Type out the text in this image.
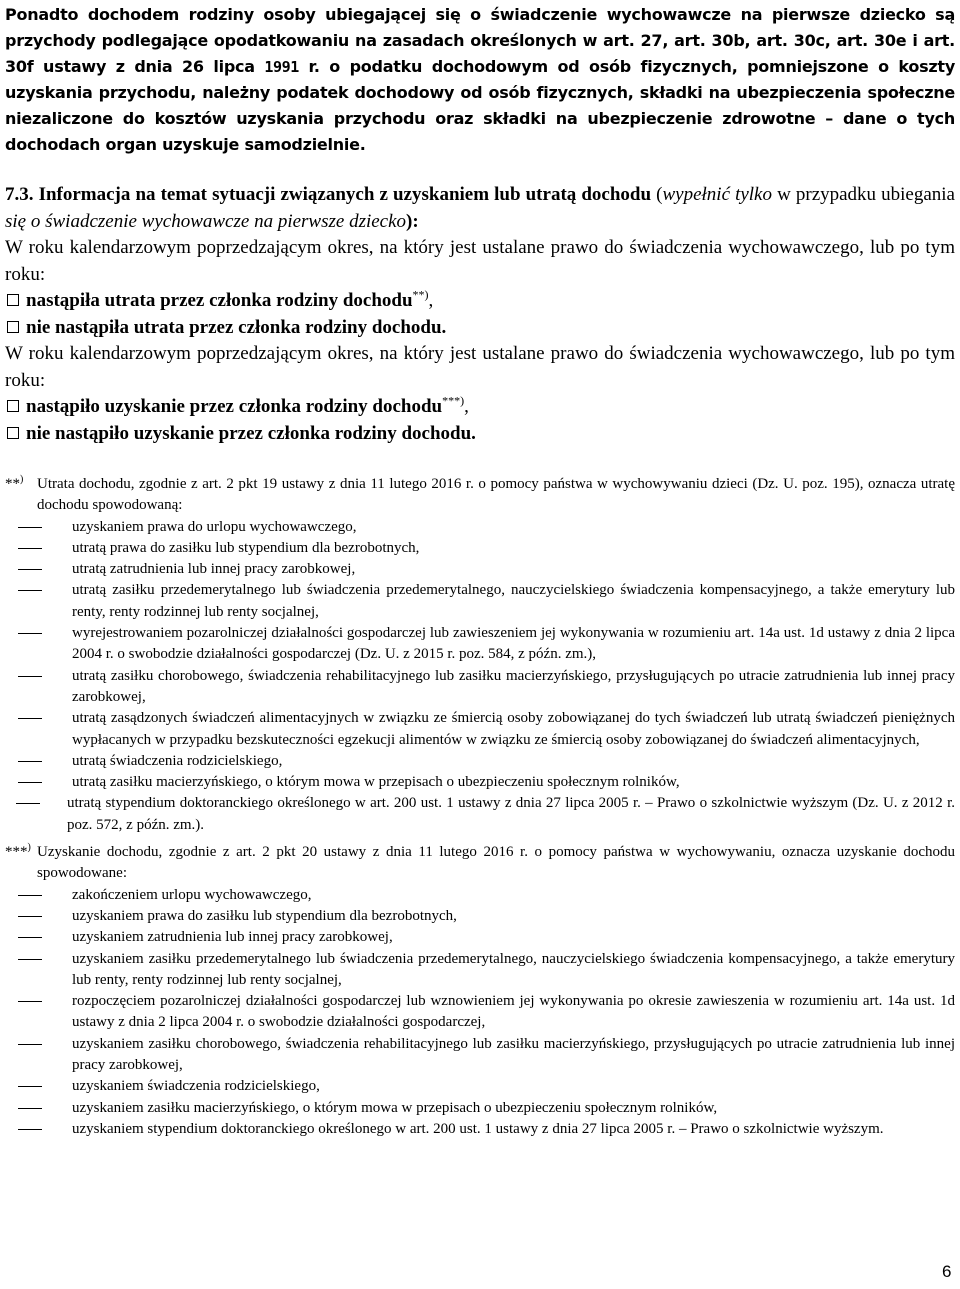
Ponadto dochodem rodziny osoby ubiegającej się o świadczenie wychowawcze na pierwsze dziecko są przychody podlegające opodatkowaniu na zasadach określonych w art. 27, art. 30b, art. 30c, art. 30e i art. 30f ustawy z dnia 26 lipca 1991 r. o podatku dochodowym od osób fizycznych, pomniejszone o koszty uzyskania przychodu, należny podatek dochodowy od osób fizycznych, składki na ubezpieczenia społeczne niezaliczone do kosztów uzyskania przychodu oraz składki na ubezpieczenie zdrowotne – dane o tych dochodach organ uzyskuje samodzielnie.

7.3. Informacja na temat sytuacji związanych z uzyskaniem lub utratą dochodu (wypełnić tylko w przypadku ubiegania się o świadczenie wychowawcze na pierwsze dziecko):

W roku kalendarzowym poprzedzającym okres, na który jest ustalane prawo do świadczenia wychowawczego, lub po tym roku:

nastąpiła utrata przez członka rodziny dochodu**),
nie nastąpiła utrata przez członka rodziny dochodu.

W roku kalendarzowym poprzedzającym okres, na który jest ustalane prawo do świadczenia wychowawczego, lub po tym roku:

nastąpiło uzyskanie przez członka rodziny dochodu***),
nie nastąpiło uzyskanie przez członka rodziny dochodu.

**) Utrata dochodu, zgodnie z art. 2 pkt 19 ustawy z dnia 11 lutego 2016 r. o pomocy państwa w wychowywaniu dzieci (Dz. U. poz. 195), oznacza utratę dochodu spowodowaną:

uzyskaniem prawa do urlopu wychowawczego,
utratą prawa do zasiłku lub stypendium dla bezrobotnych,
utratą zatrudnienia lub innej pracy zarobkowej,
utratą zasiłku przedemerytalnego lub świadczenia przedemerytalnego, nauczycielskiego świadczenia kompensacyjnego, a także emerytury lub renty, renty rodzinnej lub renty socjalnej,
wyrejestrowaniem pozarolniczej działalności gospodarczej lub zawieszeniem jej wykonywania w rozumieniu art. 14a ust. 1d ustawy z dnia 2 lipca 2004 r. o swobodzie działalności gospodarczej (Dz. U. z 2015 r. poz. 584, z późn. zm.),
utratą zasiłku chorobowego, świadczenia rehabilitacyjnego lub zasiłku macierzyńskiego, przysługujących po utracie zatrudnienia lub innej pracy zarobkowej,
utratą zasądzonych świadczeń alimentacyjnych w związku ze śmiercią osoby zobowiązanej do tych świadczeń lub utratą świadczeń pieniężnych wypłacanych w przypadku bezskuteczności egzekucji alimentów w związku ze śmiercią osoby zobowiązanej do świadczeń alimentacyjnych,
utratą świadczenia rodzicielskiego,
utratą zasiłku macierzyńskiego, o którym mowa w przepisach o ubezpieczeniu społecznym rolników,
utratą stypendium doktoranckiego określonego w art. 200 ust. 1 ustawy z dnia 27 lipca 2005 r. – Prawo o szkolnictwie wyższym (Dz. U. z 2012 r. poz. 572, z późn. zm.).

***) Uzyskanie dochodu, zgodnie z art. 2 pkt 20 ustawy z dnia 11 lutego 2016 r. o pomocy państwa w wychowywaniu, oznacza uzyskanie dochodu spowodowane:

zakończeniem urlopu wychowawczego,
uzyskaniem prawa do zasiłku lub stypendium dla bezrobotnych,
uzyskaniem zatrudnienia lub innej pracy zarobkowej,
uzyskaniem zasiłku przedemerytalnego lub świadczenia przedemerytalnego, nauczycielskiego świadczenia kompensacyjnego, a także emerytury lub renty, renty rodzinnej lub renty socjalnej,
rozpoczęciem pozarolniczej działalności gospodarczej lub wznowieniem jej wykonywania po okresie zawieszenia w rozumieniu art. 14a ust. 1d ustawy z dnia 2 lipca 2004 r. o swobodzie działalności gospodarczej,
uzyskaniem zasiłku chorobowego, świadczenia rehabilitacyjnego lub zasiłku macierzyńskiego, przysługujących po utracie zatrudnienia lub innej pracy zarobkowej,
uzyskaniem świadczenia rodzicielskiego,
uzyskaniem zasiłku macierzyńskiego, o którym mowa w przepisach o ubezpieczeniu społecznym rolników,
uzyskaniem stypendium doktoranckiego określonego w art. 200 ust. 1 ustawy z dnia 27 lipca 2005 r. – Prawo o szkolnictwie wyższym.
6
